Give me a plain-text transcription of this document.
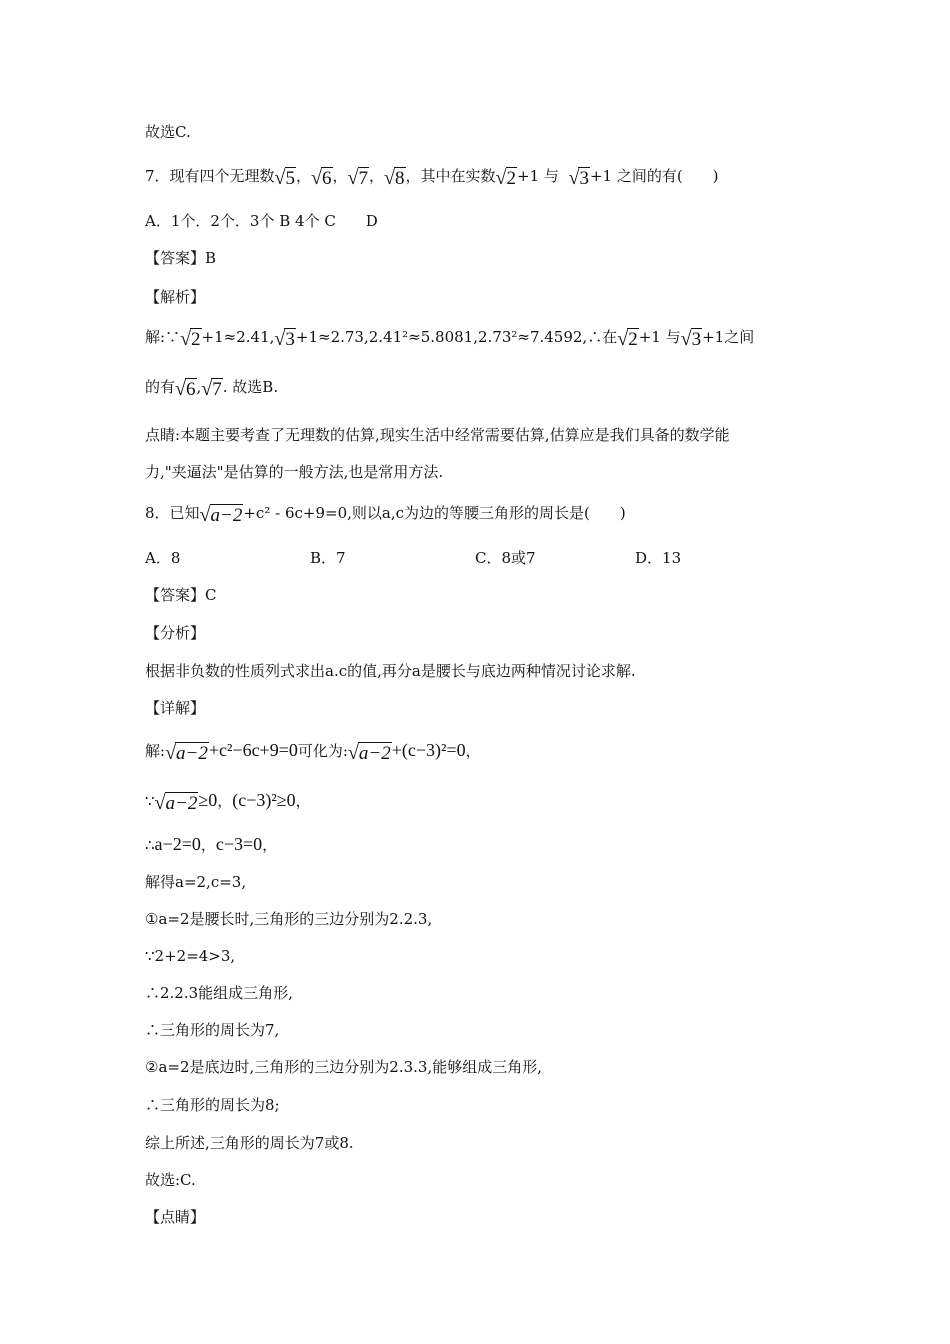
故选C.
7．现有四个无理数√5，√6，√7，√8，其中在实数√2+1 与 √3+1 之间的有(　　)
A．1个．2个．3个 B 4个 C　　D
【答案】B
【解析】
解:∵√2+1≈2.41,√3+1≈2.73,2.41²≈5.8081,2.73²≈7.4592,∴在√2+1 与√3+1之间
的有√6,√7. 故选B.
点睛:本题主要考查了无理数的估算,现实生活中经常需要估算,估算应是我们具备的数学能
力,"夹逼法"是估算的一般方法,也是常用方法.
8．已知√a−2+c² - 6c+9=0,则以a,c为边的等腰三角形的周长是(　　)
A．8	B．7	C．8或7	D．13
【答案】C
【分析】
根据非负数的性质列式求出a.c的值,再分a是腰长与底边两种情况讨论求解.
【详解】
解:√a−2+c²−6c+9=0可化为:√a−2+(c−3)²=0，
∵√a−2≥0，(c−3)²≥0，
∴a−2=0，c−3=0，
解得a=2,c=3,
①a=2是腰长时,三角形的三边分别为2.2.3,
∵2+2=4>3,
∴2.2.3能组成三角形,
∴三角形的周长为7,
②a=2是底边时,三角形的三边分别为2.3.3,能够组成三角形,
∴三角形的周长为8;
综上所述,三角形的周长为7或8.
故选:C.
【点睛】
